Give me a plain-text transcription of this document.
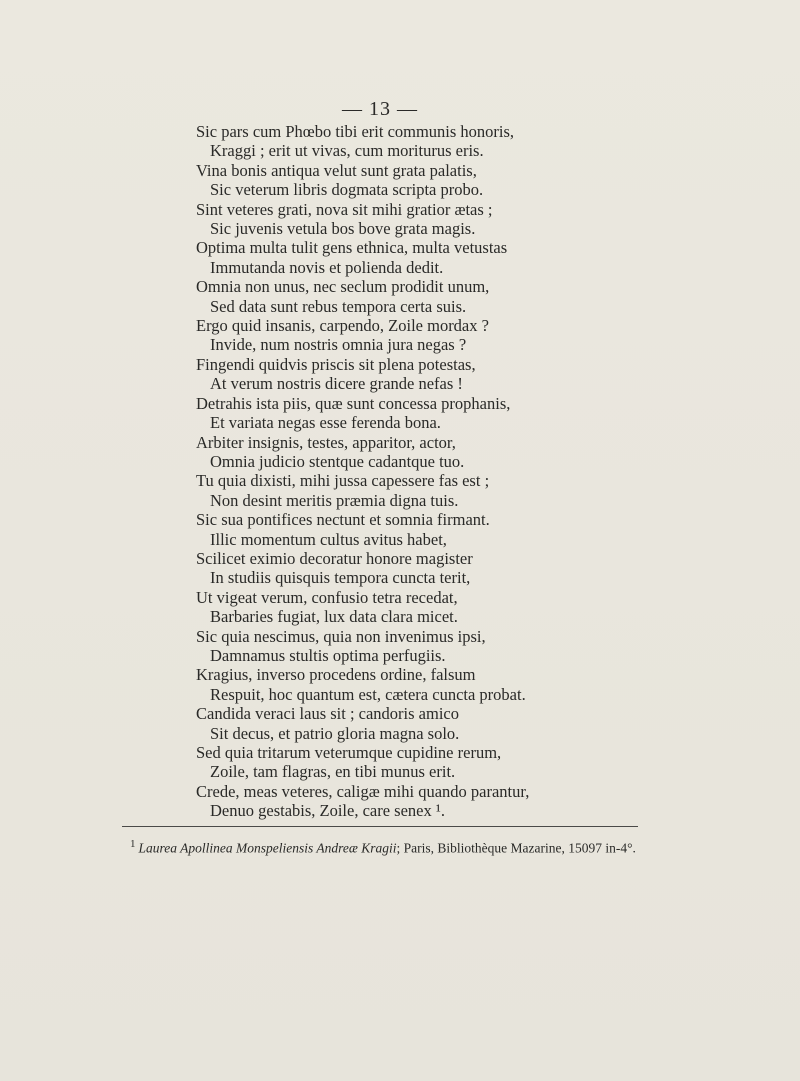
— 13 —
Sic pars cum Phœbo tibi erit communis honoris,
Kraggi ; erit ut vivas, cum moriturus eris.
Vina bonis antiqua velut sunt grata palatis,
Sic veterum libris dogmata scripta probo.
Sint veteres grati, nova sit mihi gratior ætas ;
Sic juvenis vetula bos bove grata magis.
Optima multa tulit gens ethnica, multa vetustas
Immutanda novis et polienda dedit.
Omnia non unus, nec seclum prodidit unum,
Sed data sunt rebus tempora certa suis.
Ergo quid insanis, carpendo, Zoile mordax ?
Invide, num nostris omnia jura negas ?
Fingendi quidvis priscis sit plena potestas,
At verum nostris dicere grande nefas !
Detrahis ista piis, quæ sunt concessa prophanis,
Et variata negas esse ferenda bona.
Arbiter insignis, testes, apparitor, actor,
Omnia judicio stentque cadantque tuo.
Tu quia dixisti, mihi jussa capessere fas est ;
Non desint meritis præmia digna tuis.
Sic sua pontifices nectunt et somnia firmant.
Illic momentum cultus avitus habet,
Scilicet eximio decoratur honore magister
In studiis quisquis tempora cuncta terit,
Ut vigeat verum, confusio tetra recedat,
Barbaries fugiat, lux data clara micet.
Sic quia nescimus, quia non invenimus ipsi,
Damnamus stultis optima perfugiis.
Kragius, inverso procedens ordine, falsum
Respuit, hoc quantum est, cætera cuncta probat.
Candida veraci laus sit ; candoris amico
Sit decus, et patrio gloria magna solo.
Sed quia tritarum veterumque cupidine rerum,
Zoile, tam flagras, en tibi munus erit.
Crede, meas veteres, caligæ mihi quando parantur,
Denuo gestabis, Zoile, care senex ¹.
$^1$ Laurea Apollinea Monspeliensis Andreæ Kragii; Paris, Bibliothèque Mazarine, 15097 in-4°.
